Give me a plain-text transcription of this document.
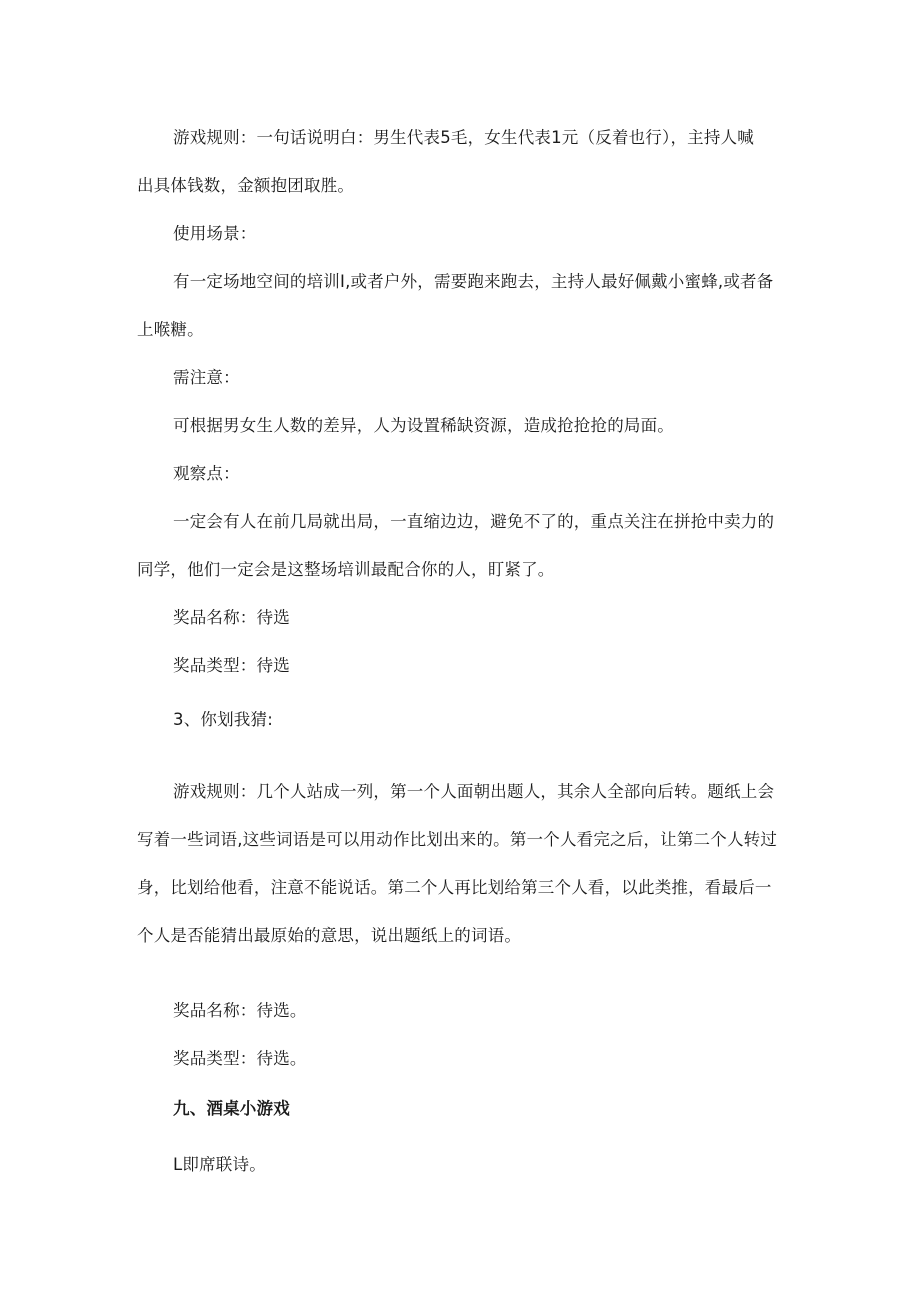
游戏规则：一句话说明白：男生代表5毛，女生代表1元（反着也行），主持人喊
出具体钱数，金额抱团取胜。
使用场景：
有一定场地空间的培训I,或者户外，需要跑来跑去，主持人最好佩戴小蜜蜂,或者备
上喉糖。
需注意：
可根据男女生人数的差异，人为设置稀缺资源，造成抢抢抢的局面。
观察点：
一定会有人在前几局就出局，一直缩边边，避免不了的，重点关注在拼抢中卖力的
同学，他们一定会是这整场培训最配合你的人，盯紧了。
奖品名称：待选
奖品类型：待选
3、你划我猜:
游戏规则：几个人站成一列，第一个人面朝出题人，其余人全部向后转。题纸上会
写着一些词语,这些词语是可以用动作比划出来的。第一个人看完之后，让第二个人转过
身，比划给他看，注意不能说话。第二个人再比划给第三个人看，以此类推，看最后一
个人是否能猜出最原始的意思，说出题纸上的词语。
奖品名称：待选。
奖品类型：待选。
九、酒桌小游戏
L即席联诗。
